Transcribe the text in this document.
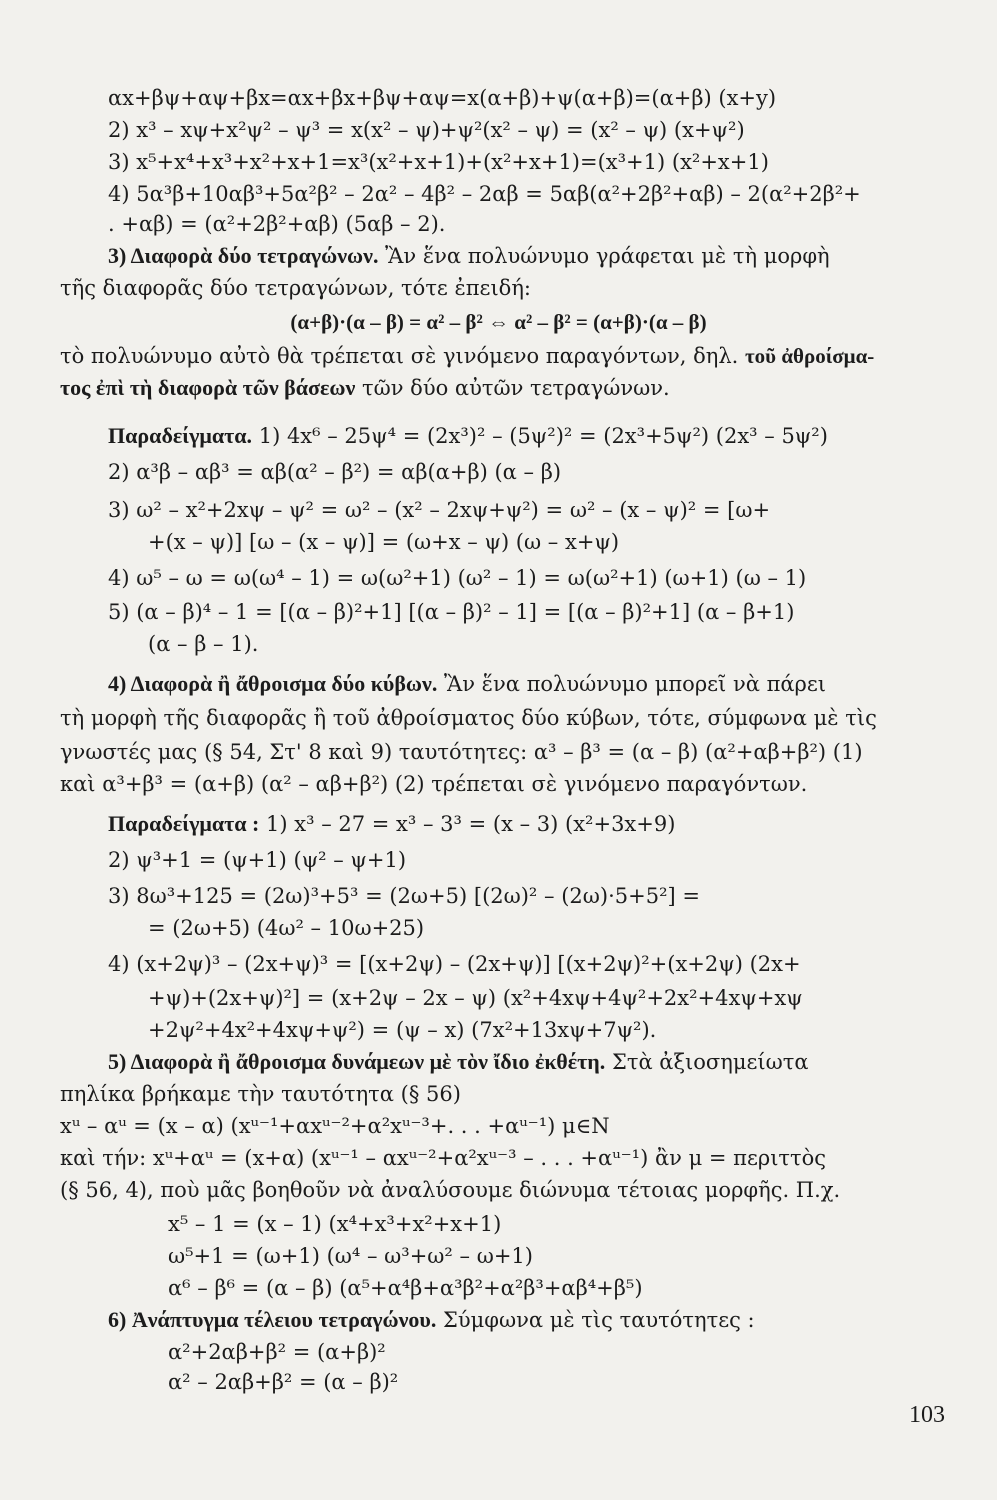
αx+βψ+αψ+βx=αx+βx+βψ+αψ=x(α+β)+ψ(α+β)=(α+β) (x+y)
2) x³ – xψ+x²ψ² – ψ³ = x(x² – ψ)+ψ²(x² – ψ) = (x² – ψ) (x+ψ²)
3) x⁵+x⁴+x³+x²+x+1=x³(x²+x+1)+(x²+x+1)=(x³+1) (x²+x+1)
4) 5α³β+10αβ³+5α²β² – 2α² – 4β² – 2αβ = 5αβ(α²+2β²+αβ) – 2(α²+2β²+
. +αβ) = (α²+2β²+αβ) (5αβ – 2).
3) Διαφορὰ δύο τετραγώνων. Ἂν ἕνα πολυώνυμο γράφεται μὲ τὴ μορφὴ
τῆς διαφορᾶς δύο τετραγώνων, τότε ἐπειδή:
(α+β)·(α – β) = α² – β² ⇔ α² – β² = (α+β)·(α – β)
τὸ πολυώνυμο αὐτὸ θὰ τρέπεται σὲ γινόμενο παραγόντων, δηλ. τοῦ ἀθροίσμα-
τος ἐπὶ τὴ διαφορὰ τῶν βάσεων τῶν δύο αὐτῶν τετραγώνων.
Παραδείγματα. 1) 4x⁶ – 25ψ⁴ = (2x³)² – (5ψ²)² = (2x³+5ψ²) (2x³ – 5ψ²)
2) α³β – αβ³ = αβ(α² – β²) = αβ(α+β) (α – β)
3) ω² – x²+2xψ – ψ² = ω² – (x² – 2xψ+ψ²) = ω² – (x – ψ)² = [ω+
+(x – ψ)] [ω – (x – ψ)] = (ω+x – ψ) (ω – x+ψ)
4) ω⁵ – ω = ω(ω⁴ – 1) = ω(ω²+1) (ω² – 1) = ω(ω²+1) (ω+1) (ω – 1)
5) (α – β)⁴ – 1 = [(α – β)²+1] [(α – β)² – 1] = [(α – β)²+1] (α – β+1)
(α – β – 1).
4) Διαφορὰ ἢ ἄθροισμα δύο κύβων. Ἂν ἕνα πολυώνυμο μπορεῖ νὰ πάρει
τὴ μορφὴ τῆς διαφορᾶς ἢ τοῦ ἀθροίσματος δύο κύβων, τότε, σύμφωνα μὲ τὶς
γνωστές μας (§ 54, Στ' 8 καὶ 9) ταυτότητες: α³ – β³ = (α – β) (α²+αβ+β²) (1)
καὶ α³+β³ = (α+β) (α² – αβ+β²) (2) τρέπεται σὲ γινόμενο παραγόντων.
Παραδείγματα : 1) x³ – 27 = x³ – 3³ = (x – 3) (x²+3x+9)
2) ψ³+1 = (ψ+1) (ψ² – ψ+1)
3) 8ω³+125 = (2ω)³+5³ = (2ω+5) [(2ω)² – (2ω)·5+5²] =
= (2ω+5) (4ω² – 10ω+25)
4) (x+2ψ)³ – (2x+ψ)³ = [(x+2ψ) – (2x+ψ)] [(x+2ψ)²+(x+2ψ) (2x+
+ψ)+(2x+ψ)²] = (x+2ψ – 2x – ψ) (x²+4xψ+4ψ²+2x²+4xψ+xψ
+2ψ²+4x²+4xψ+ψ²) = (ψ – x) (7x²+13xψ+7ψ²).
5) Διαφορὰ ἢ ἄθροισμα δυνάμεων μὲ τὸν ἴδιο ἐκθέτη. Στὰ ἀξιοσημείωτα
πηλίκα βρήκαμε τὴν ταυτότητα (§ 56)
xᵘ – αᵘ = (x – α) (xᵘ⁻¹+αxᵘ⁻²+α²xᵘ⁻³+. . . +αᵘ⁻¹) μ∈N
καὶ τήν: xᵘ+αᵘ = (x+α) (xᵘ⁻¹ – αxᵘ⁻²+α²xᵘ⁻³ – . . . +αᵘ⁻¹) ἂν μ = περιττὸς
(§ 56, 4), ποὺ μᾶς βοηθοῦν νὰ ἀναλύσουμε διώνυμα τέτοιας μορφῆς. Π.χ.
x⁵ – 1 = (x – 1) (x⁴+x³+x²+x+1)
ω⁵+1 = (ω+1) (ω⁴ – ω³+ω² – ω+1)
α⁶ – β⁶ = (α – β) (α⁵+α⁴β+α³β²+α²β³+αβ⁴+β⁵)
6) Ἀνάπτυγμα τέλειου τετραγώνου. Σύμφωνα μὲ τὶς ταυτότητες :
α²+2αβ+β² = (α+β)²
α² – 2αβ+β² = (α – β)²
103
